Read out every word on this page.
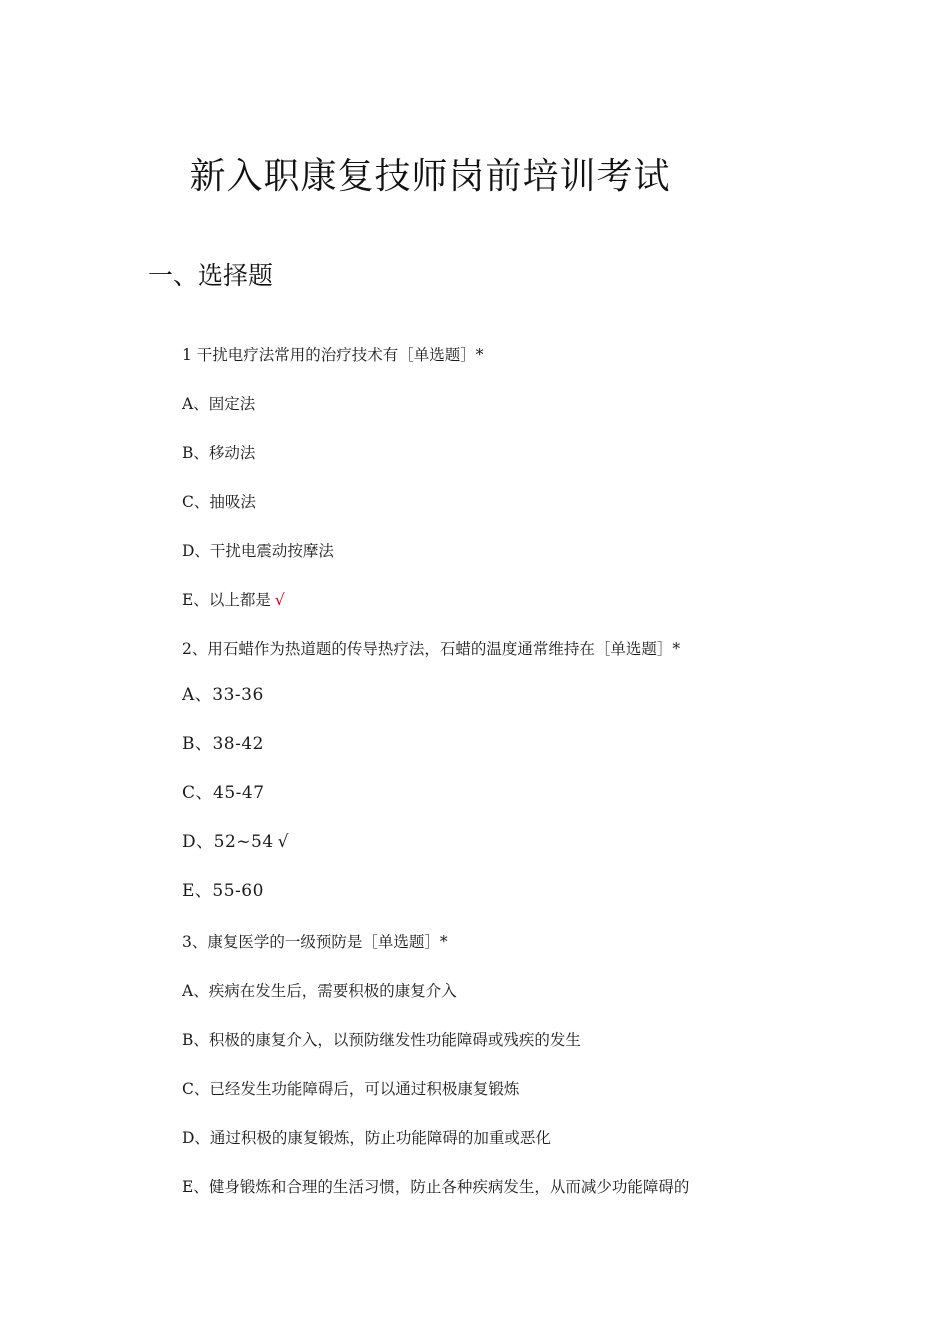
新入职康复技师岗前培训考试
一、选择题
1 干扰电疗法常用的治疗技术有［单选题］*
A、固定法
B、移动法
C、抽吸法
D、干扰电震动按摩法
E、以上都是 √
2、用石蜡作为热道题的传导热疗法，石蜡的温度通常维持在［单选题］*
A、33-36
B、38-42
C、45-47
D、52~54 √
E、55-60
3、康复医学的一级预防是［单选题］*
A、疾病在发生后，需要积极的康复介入
B、积极的康复介入，以预防继发性功能障碍或残疾的发生
C、已经发生功能障碍后，可以通过积极康复锻炼
D、通过积极的康复锻炼，防止功能障碍的加重或恶化
E、健身锻炼和合理的生活习惯，防止各种疾病发生，从而减少功能障碍的
